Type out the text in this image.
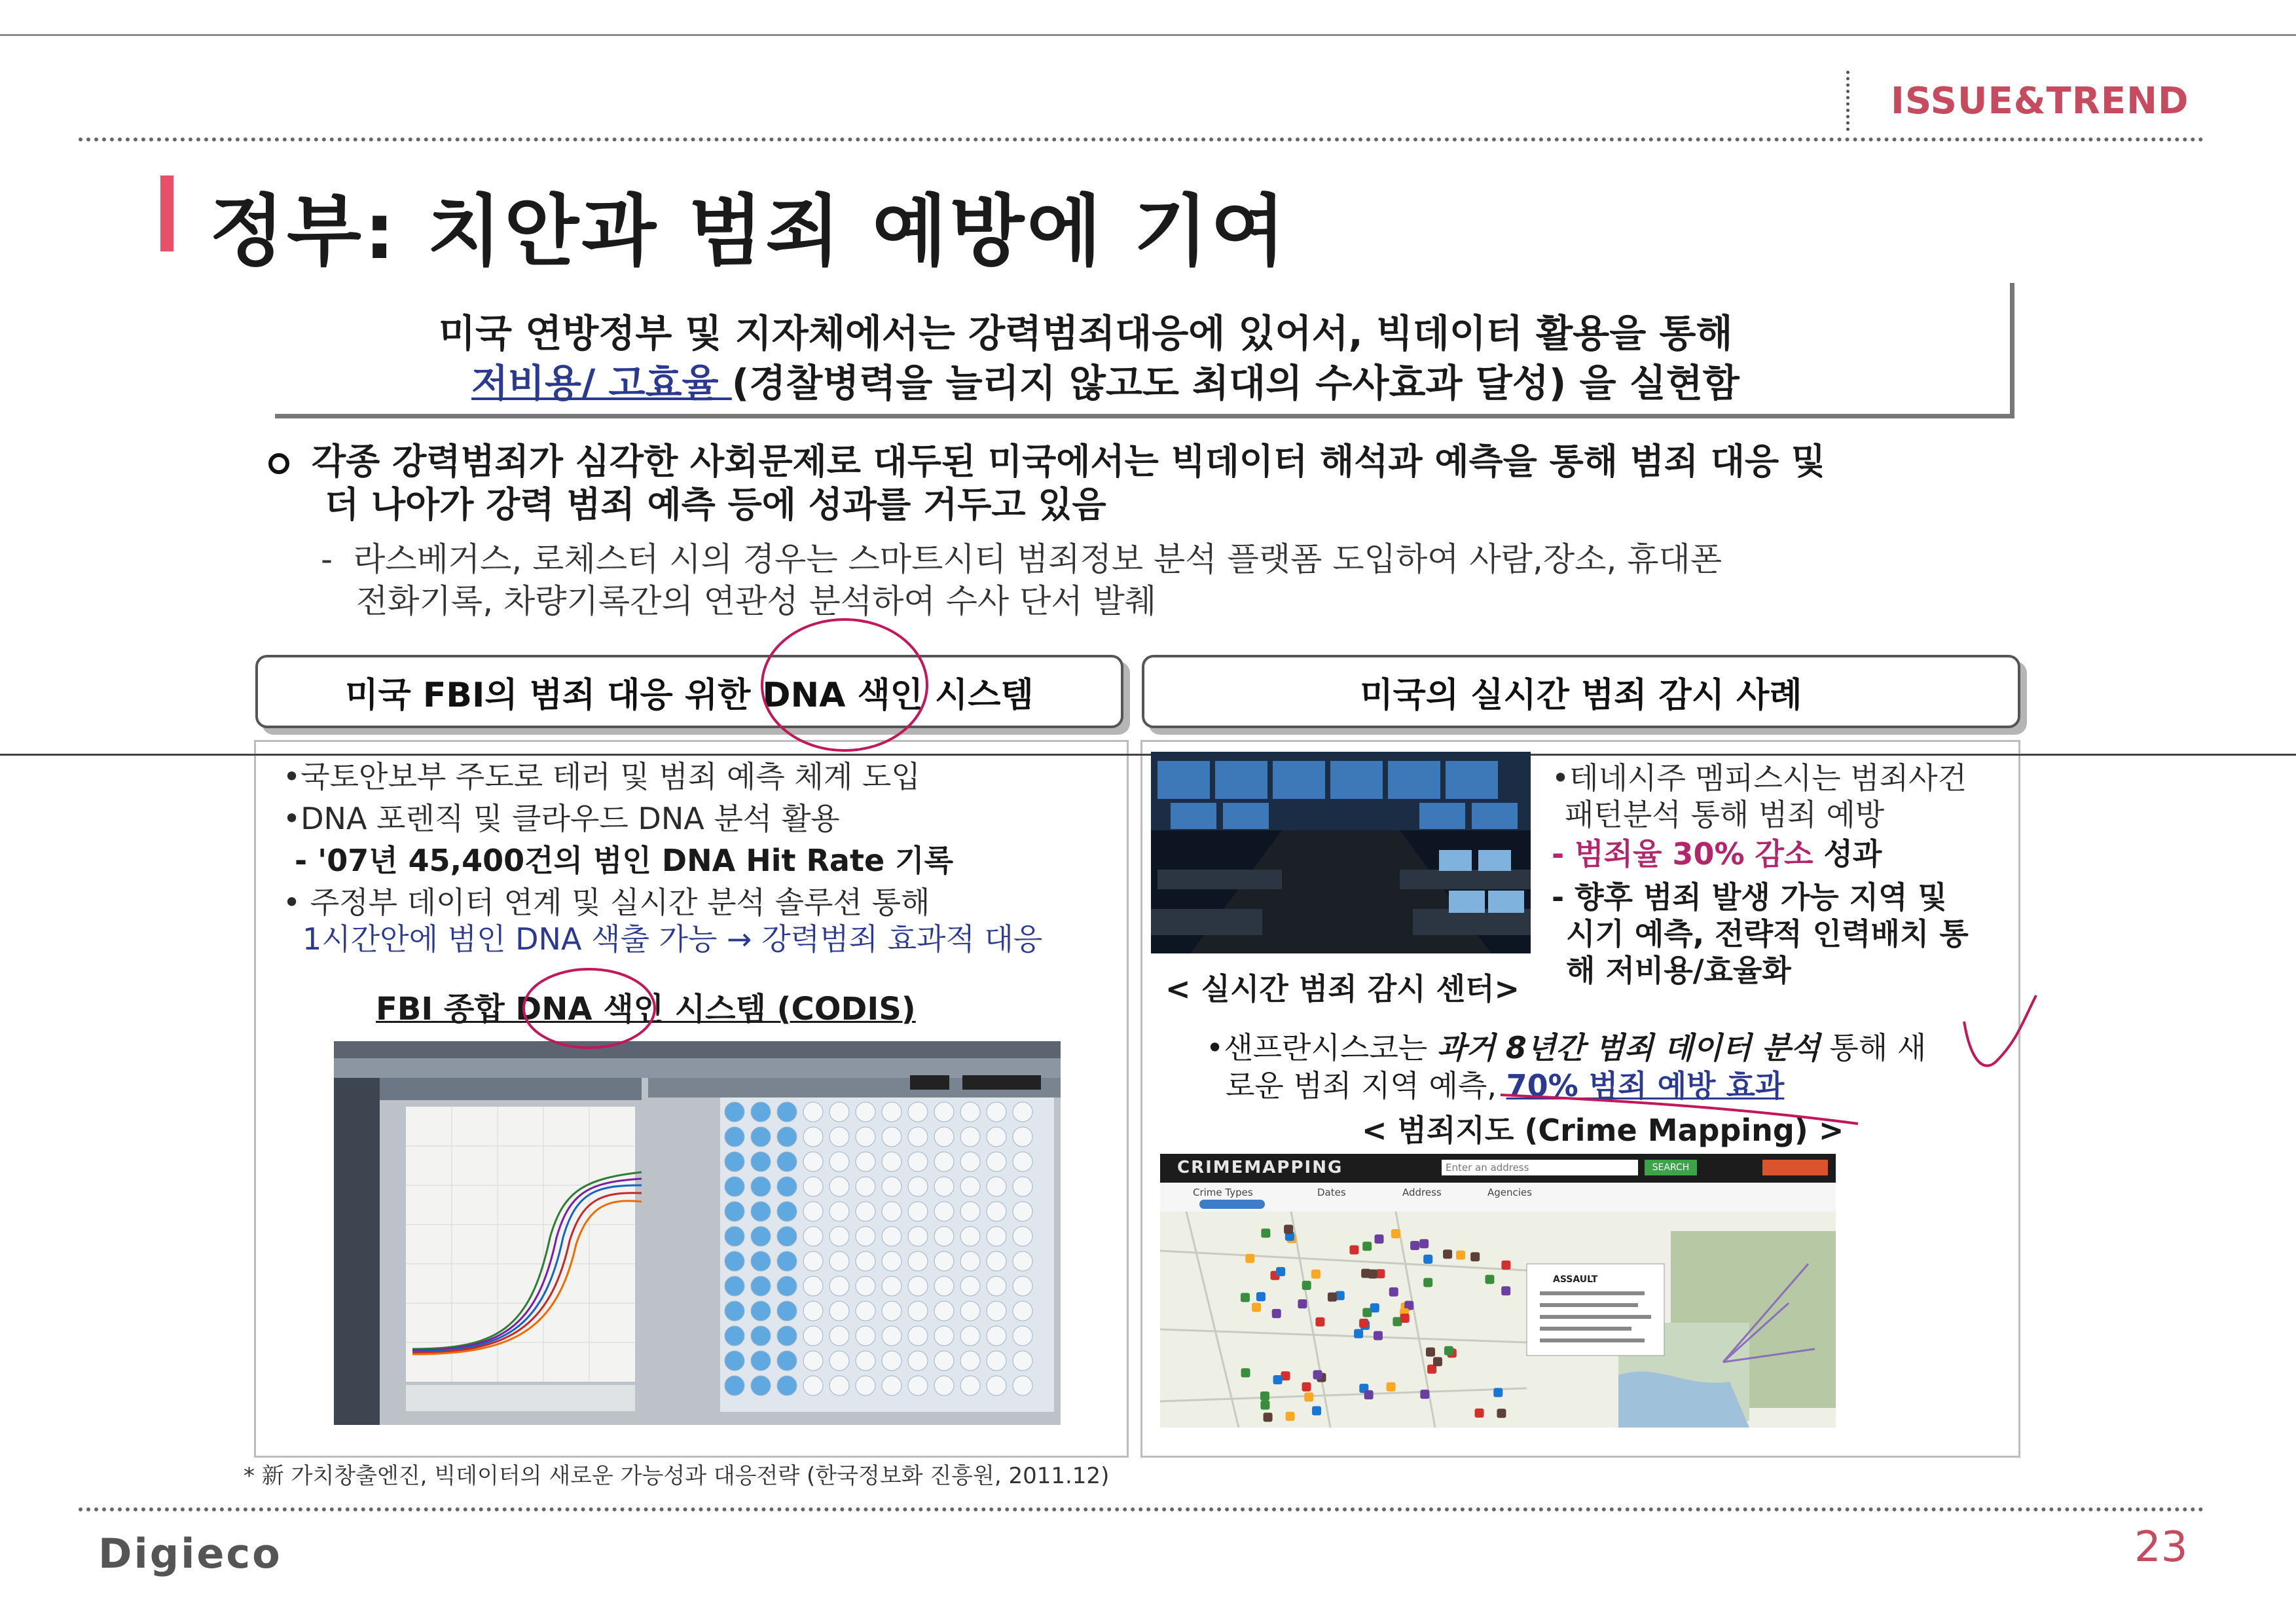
ISSUE&TREND
정부: 치안과 범죄 예방에 기여
미국 연방정부 및 지자체에서는 강력범죄대응에 있어서, 빅데이터 활용을 통해
저비용/ 고효율 (경찰병력을 늘리지 않고도 최대의 수사효과 달성) 을 실현함
각종 강력범죄가 심각한 사회문제로 대두된 미국에서는 빅데이터 해석과 예측을 통해 범죄 대응 및
더 나아가 강력 범죄 예측 등에 성과를 거두고 있음
-  라스베거스, 로체스터 시의 경우는 스마트시티 범죄정보 분석 플랫폼 도입하여 사람,장소, 휴대폰
전화기록, 차량기록간의 연관성 분석하여 수사 단서 발췌
미국 FBI의 범죄 대응 위한 DNA 색인 시스템	미국의 실시간 범죄 감시 사례
•국토안보부 주도로 테러 및 범죄 예측 체계 도입
•DNA 포렌직 및 클라우드 DNA 분석 활용
- '07년 45,400건의 범인 DNA Hit Rate 기록
• 주정부 데이터 연계 및 실시간 분석 솔루션 통해
1시간안에 범인 DNA 색출 가능 → 강력범죄 효과적 대응
FBI 종합 DNA 색인 시스템 (CODIS)
•테네시주 멤피스시는 범죄사건
패턴분석 통해 범죄 예방
- 범죄율 30% 감소 성과
- 향후 범죄 발생 가능 지역 및
시기 예측, 전략적 인력배치 통
해 저비용/효율화
< 실시간 범죄 감시 센터>
•샌프란시스코는 과거 8년간 범죄 데이터 분석 통해 새
로운 범죄 지역 예측, 70% 범죄 예방 효과
< 범죄지도 (Crime Mapping) >
CRIMEMAPPING	Enter an address	SEARCH
Crime Types	Dates	Address	Agencies
ASSAULT
* 新 가치창출엔진, 빅데이터의 새로운 가능성과 대응전략 (한국정보화 진흥원, 2011.12)
Digieco	23
